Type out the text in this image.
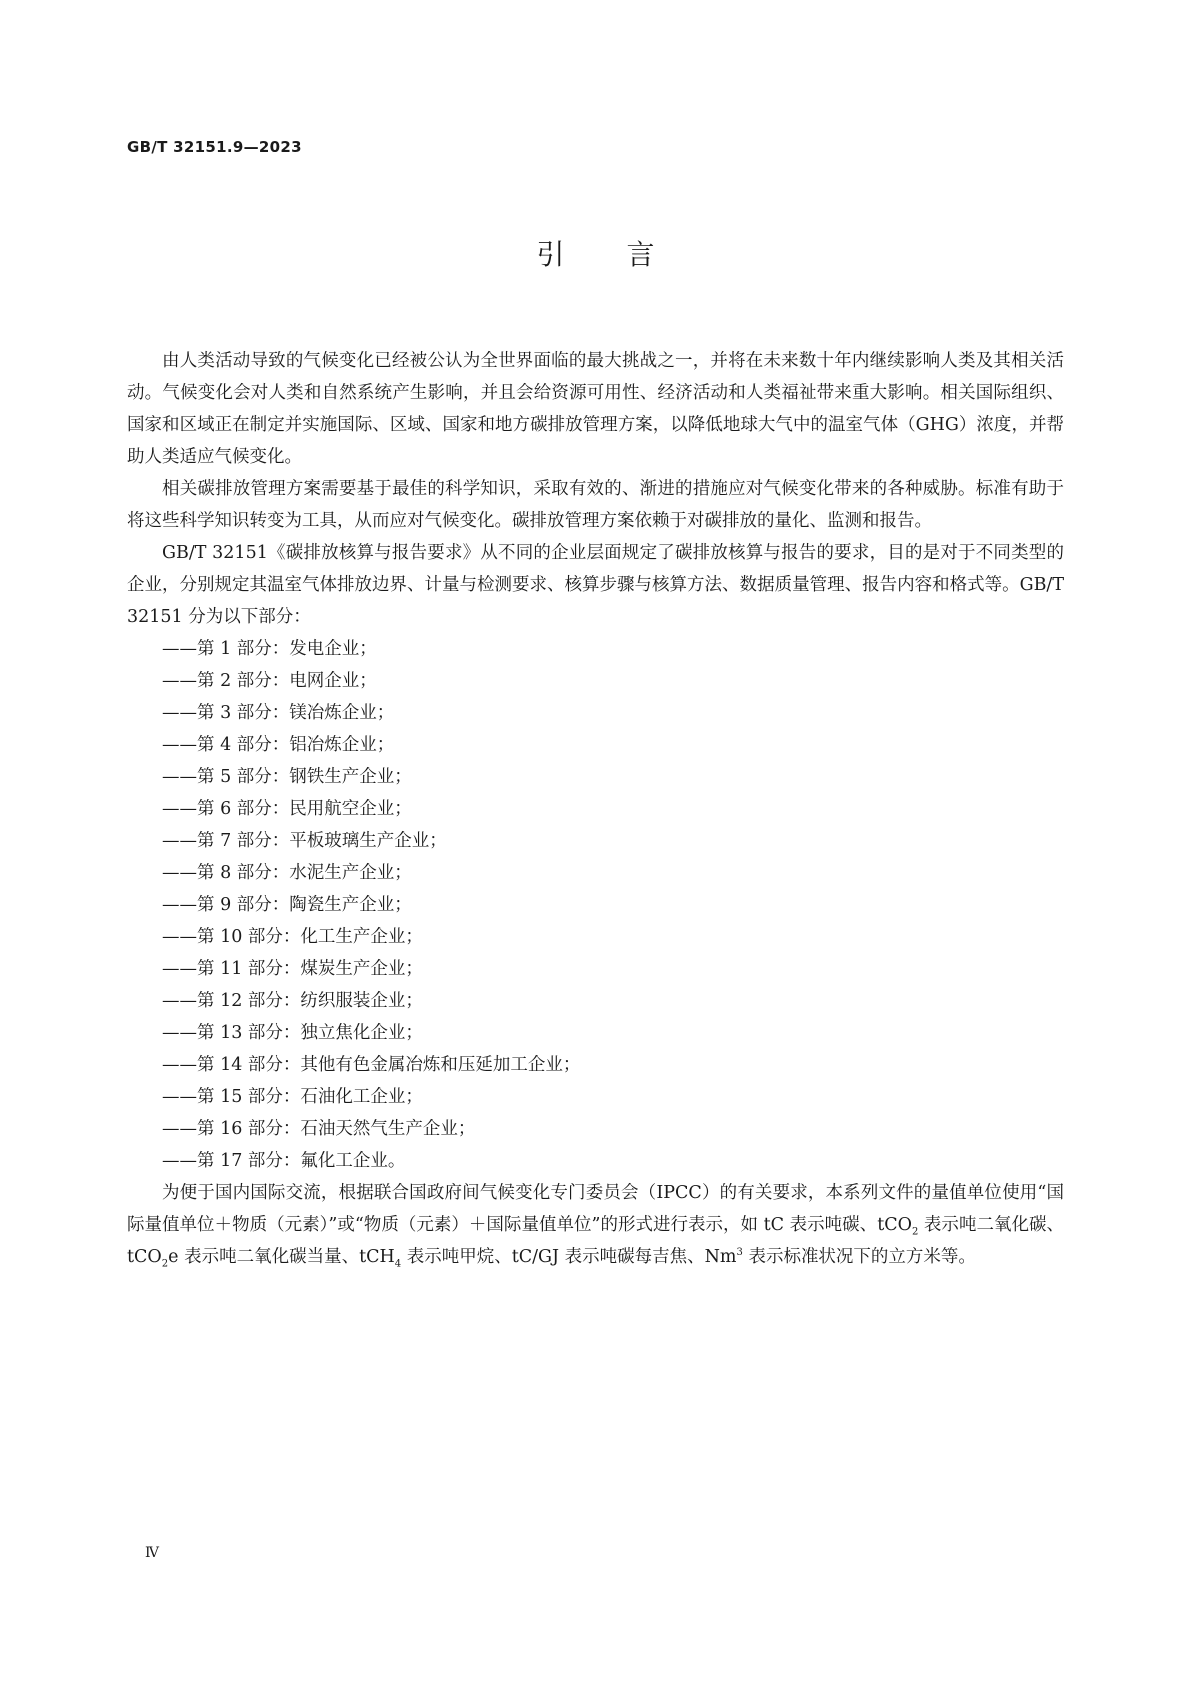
GB/T 32151.9—2023

引言

由人类活动导致的气候变化已经被公认为全世界面临的最大挑战之一，并将在未来数十年内继续影响人类及其相关活动。气候变化会对人类和自然系统产生影响，并且会给资源可用性、经济活动和人类福祉带来重大影响。相关国际组织、国家和区域正在制定并实施国际、区域、国家和地方碳排放管理方案，以降低地球大气中的温室气体（GHG）浓度，并帮助人类适应气候变化。

相关碳排放管理方案需要基于最佳的科学知识，采取有效的、渐进的措施应对气候变化带来的各种威胁。标准有助于将这些科学知识转变为工具，从而应对气候变化。碳排放管理方案依赖于对碳排放的量化、监测和报告。

GB/T 32151《碳排放核算与报告要求》从不同的企业层面规定了碳排放核算与报告的要求，目的是对于不同类型的企业，分别规定其温室气体排放边界、计量与检测要求、核算步骤与核算方法、数据质量管理、报告内容和格式等。GB/T 32151 分为以下部分：

——第 1 部分：发电企业；
——第 2 部分：电网企业；
——第 3 部分：镁冶炼企业；
——第 4 部分：铝冶炼企业；
——第 5 部分：钢铁生产企业；
——第 6 部分：民用航空企业；
——第 7 部分：平板玻璃生产企业；
——第 8 部分：水泥生产企业；
——第 9 部分：陶瓷生产企业；
——第 10 部分：化工生产企业；
——第 11 部分：煤炭生产企业；
——第 12 部分：纺织服装企业；
——第 13 部分：独立焦化企业；
——第 14 部分：其他有色金属冶炼和压延加工企业；
——第 15 部分：石油化工企业；
——第 16 部分：石油天然气生产企业；
——第 17 部分：氟化工企业。

为便于国内国际交流，根据联合国政府间气候变化专门委员会（IPCC）的有关要求，本系列文件的量值单位使用“国际量值单位＋物质（元素）”或“物质（元素）＋国际量值单位”的形式进行表示，如 tC 表示吨碳、tCO$_2$ 表示吨二氧化碳、tCO$_2$e 表示吨二氧化碳当量、tCH$_4$ 表示吨甲烷、tC/GJ 表示吨碳每吉焦、Nm$^3$ 表示标准状况下的立方米等。

Ⅳ
